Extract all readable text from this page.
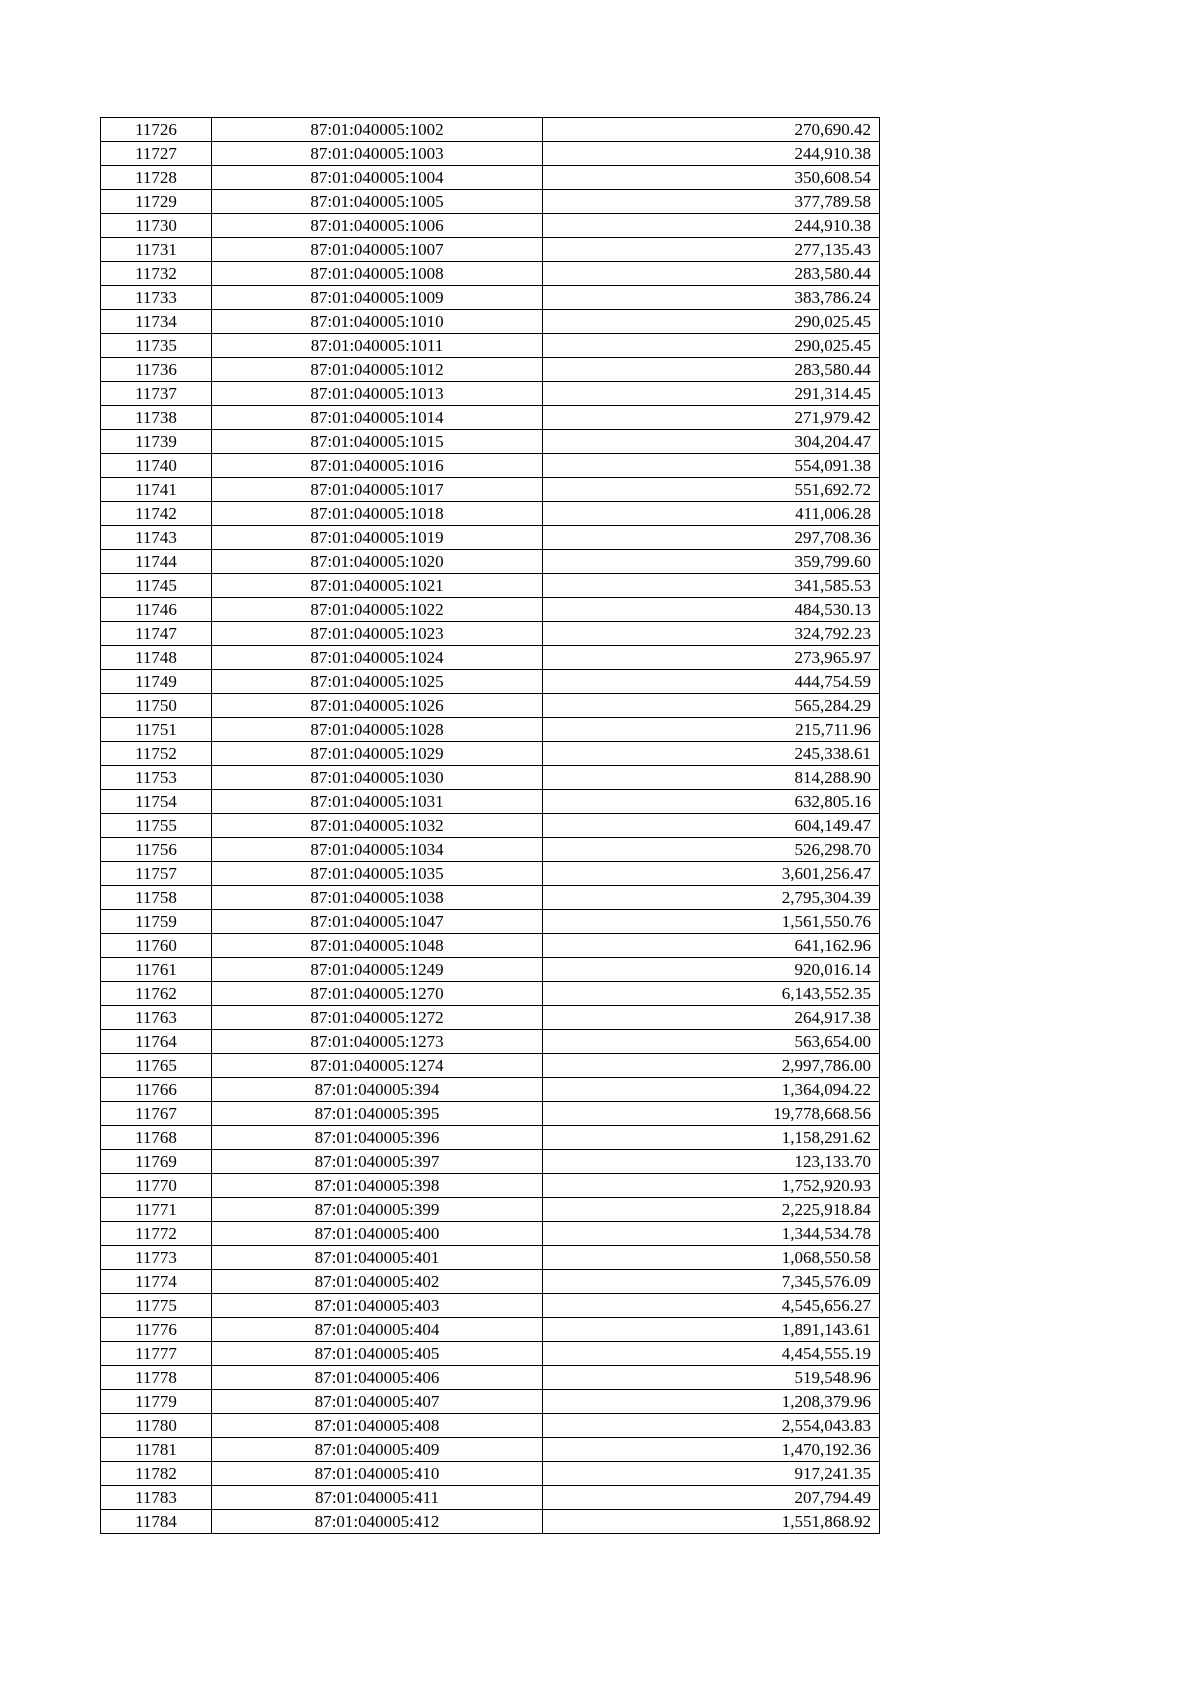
11726	87:01:040005:1002	270,690.42
11727	87:01:040005:1003	244,910.38
11728	87:01:040005:1004	350,608.54
11729	87:01:040005:1005	377,789.58
11730	87:01:040005:1006	244,910.38
11731	87:01:040005:1007	277,135.43
11732	87:01:040005:1008	283,580.44
11733	87:01:040005:1009	383,786.24
11734	87:01:040005:1010	290,025.45
11735	87:01:040005:1011	290,025.45
11736	87:01:040005:1012	283,580.44
11737	87:01:040005:1013	291,314.45
11738	87:01:040005:1014	271,979.42
11739	87:01:040005:1015	304,204.47
11740	87:01:040005:1016	554,091.38
11741	87:01:040005:1017	551,692.72
11742	87:01:040005:1018	411,006.28
11743	87:01:040005:1019	297,708.36
11744	87:01:040005:1020	359,799.60
11745	87:01:040005:1021	341,585.53
11746	87:01:040005:1022	484,530.13
11747	87:01:040005:1023	324,792.23
11748	87:01:040005:1024	273,965.97
11749	87:01:040005:1025	444,754.59
11750	87:01:040005:1026	565,284.29
11751	87:01:040005:1028	215,711.96
11752	87:01:040005:1029	245,338.61
11753	87:01:040005:1030	814,288.90
11754	87:01:040005:1031	632,805.16
11755	87:01:040005:1032	604,149.47
11756	87:01:040005:1034	526,298.70
11757	87:01:040005:1035	3,601,256.47
11758	87:01:040005:1038	2,795,304.39
11759	87:01:040005:1047	1,561,550.76
11760	87:01:040005:1048	641,162.96
11761	87:01:040005:1249	920,016.14
11762	87:01:040005:1270	6,143,552.35
11763	87:01:040005:1272	264,917.38
11764	87:01:040005:1273	563,654.00
11765	87:01:040005:1274	2,997,786.00
11766	87:01:040005:394	1,364,094.22
11767	87:01:040005:395	19,778,668.56
11768	87:01:040005:396	1,158,291.62
11769	87:01:040005:397	123,133.70
11770	87:01:040005:398	1,752,920.93
11771	87:01:040005:399	2,225,918.84
11772	87:01:040005:400	1,344,534.78
11773	87:01:040005:401	1,068,550.58
11774	87:01:040005:402	7,345,576.09
11775	87:01:040005:403	4,545,656.27
11776	87:01:040005:404	1,891,143.61
11777	87:01:040005:405	4,454,555.19
11778	87:01:040005:406	519,548.96
11779	87:01:040005:407	1,208,379.96
11780	87:01:040005:408	2,554,043.83
11781	87:01:040005:409	1,470,192.36
11782	87:01:040005:410	917,241.35
11783	87:01:040005:411	207,794.49
11784	87:01:040005:412	1,551,868.92
